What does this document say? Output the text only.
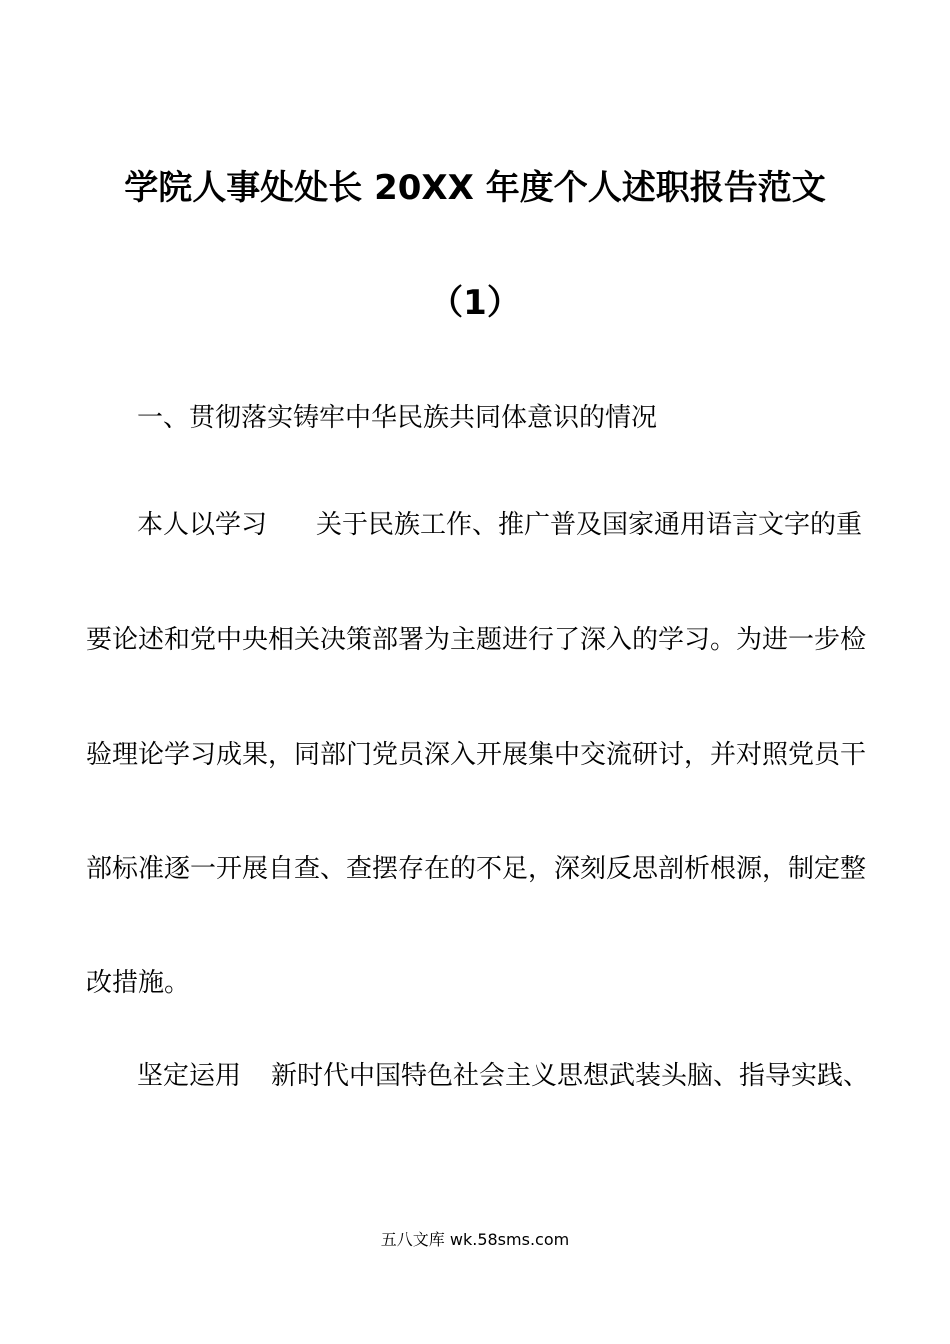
学院人事处处长 20XX 年度个人述职报告范文
（1）
一、贯彻落实铸牢中华民族共同体意识的情况
本人以学习 关于民族工作、推广普及国家通用语言文字的重
要论述和党中央相关决策部署为主题进行了深入的学习。为进一步检
验理论学习成果，同部门党员深入开展集中交流研讨，并对照党员干
部标准逐一开展自查、查摆存在的不足，深刻反思剖析根源，制定整
改措施。
坚定运用 新时代中国特色社会主义思想武装头脑、指导实践、
五八文库 wk.58sms.com
